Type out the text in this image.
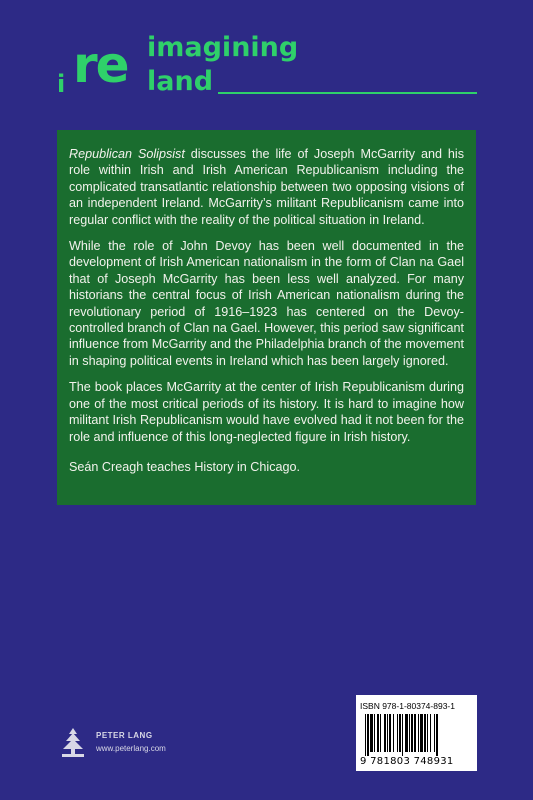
i re imagining
land

Republican Solipsist discusses the life of Joseph McGarrity and his role within Irish and Irish American Republicanism including the complicated transatlantic relationship between two opposing visions of an independent Ireland. McGarrity’s militant Republicanism came into regular conflict with the reality of the political situation in Ireland.

While the role of John Devoy has been well documented in the development of Irish American nationalism in the form of Clan na Gael that of Joseph McGarrity has been less well analyzed. For many historians the central focus of Irish American nationalism during the revolutionary period of 1916–1923 has centered on the Devoy-controlled branch of Clan na Gael. However, this period saw significant influence from McGarrity and the Philadelphia branch of the movement in shaping political events in Ireland which has been largely ignored.

The book places McGarrity at the center of Irish Republicanism during one of the most critical periods of its history. It is hard to imagine how militant Irish Republicanism would have evolved had it not been for the role and influence of this long-neglected figure in Irish history.

Seán Creagh teaches History in Chicago.

PETER LANG
www.peterlang.com
ISBN 978-1-80374-893-1
9 781803 748931
